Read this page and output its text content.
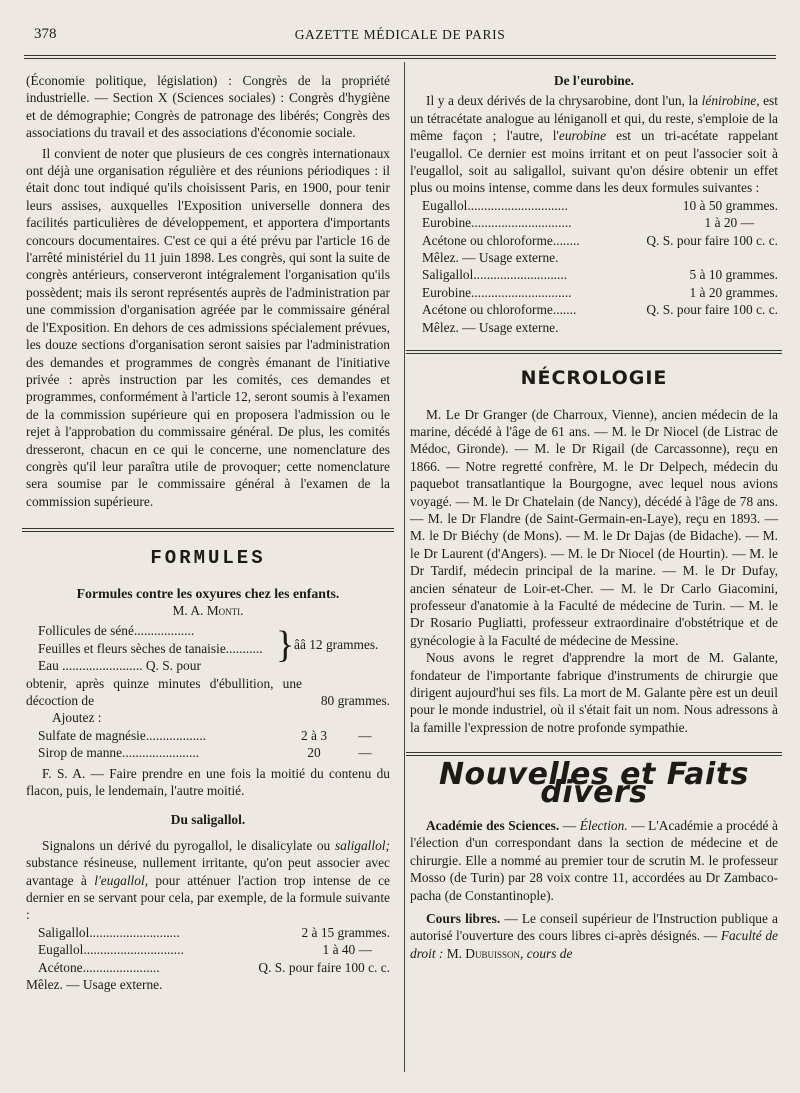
378	GAZETTE MÉDICALE DE PARIS

(Économie politique, législation) : Congrès de la propriété industrielle. — Section X (Sciences sociales) : Congrès d'hygiène et de démographie; Congrès de patronage des libérés; Congrès des associations du travail et des associations d'économie sociale.

Il convient de noter que plusieurs de ces congrès internationaux ont déjà une organisation régulière et des réunions périodiques : il était donc tout indiqué qu'ils choisissent Paris, en 1900, pour tenir leurs assises, auxquelles l'Exposition universelle donnera des facilités particulières de développement, et apportera d'importants concours documentaires. C'est ce qui a été prévu par l'article 16 de l'arrêté ministériel du 11 juin 1898. Les congrès, qui sont la suite de congrès antérieurs, conserveront intégralement l'organisation qu'ils possèdent; mais ils seront représentés auprès de l'administration par une commission d'organisation agréée par le commissaire général de l'Exposition. En dehors de ces admissions spécialement prévues, les douze sections d'organisation seront saisies par l'administration des demandes et programmes de congrès émanant de l'initiative privée : après instruction par les comités, ces demandes et programmes, conformément à l'article 12, seront soumis à l'examen de la commission supérieure qui en proposera l'admission ou le rejet à l'approbation du commissaire général. De plus, les comités dresseront, chacun en ce qui le concerne, une nomenclature des congrès qu'il leur paraîtra utile de provoquer; cette nomenclature sera soumise par le commissaire général à l'examen de la commission supérieure.

FORMULES
Formules contre les oxyures chez les enfants.
M. A. Monti.
Follicules de séné..................
Feuilles et fleurs sèches de tanaisie........... } ââ 12 grammes.
Eau ........................ Q. S. pour

obtenir, après quinze minutes d'ébullition, une décoction de	80 grammes.
Ajoutez :
Sulfate de magnésie..................	2 à 3	—
Sirop de manne.......................	20	—

F. S. A. — Faire prendre en une fois la moitié du contenu du flacon, puis, le lendemain, l'autre moitié.

Du saligallol.

Signalons un dérivé du pyrogallol, le disalicylate ou saligallol; substance résineuse, nullement irritante, qu'on peut associer avec avantage à l'eugallol, pour atténuer l'action trop intense de ce dernier en se servant pour cela, par exemple, de la formule suivante :

Saligallol...........................	2 à 15 grammes.
Eugallol..............................	1 à 40 —
Acétone.......................	Q. S. pour faire 100 c. c.
Mêlez. — Usage externe.
De l'eurobine.

Il y a deux dérivés de la chrysarobine, dont l'un, la lénirobine, est un tétracétate analogue au léniganoll et qui, du reste, s'emploie de la même façon ; l'autre, l'eurobine est un tri-acétate rappelant l'eugallol. Ce dernier est moins irritant et on peut l'associer soit à l'eugallol, soit au saligallol, suivant qu'on désire obtenir un effet plus ou moins intense, comme dans les deux formules suivantes :

Eugallol..............................	10 à 50 grammes.
Eurobine..............................	1 à 20 —
Acétone ou chloroforme........	Q. S. pour faire 100 c. c.
Mêlez. — Usage externe.
Saligallol............................	5 à 10 grammes.
Eurobine..............................	1 à 20 grammes.
Acétone ou chloroforme.......	Q. S. pour faire 100 c. c.
Mêlez. — Usage externe.
NÉCROLOGIE

M. Le Dr Granger (de Charroux, Vienne), ancien médecin de la marine, décédé à l'âge de 61 ans. — M. le Dr Niocel (de Listrac de Médoc, Gironde). — M. le Dr Rigail (de Carcassonne), reçu en 1866. — Notre regretté confrère, M. le Dr Delpech, médecin du paquebot transatlantique la Bourgogne, avec lequel nous avions voyagé. — M. le Dr Chatelain (de Nancy), décédé à l'âge de 78 ans. — M. le Dr Flandre (de Saint-Germain-en-Laye), reçu en 1893. — M. le Dr Biéchy (de Mons). — M. le Dr Dajas (de Bidache). — M. le Dr Laurent (d'Angers). — M. le Dr Niocel (de Hourtin). — M. le Dr Tardif, médecin principal de la marine. — M. le Dr Dufay, ancien sénateur de Loir-et-Cher. — M. le Dr Carlo Giacomini, professeur d'anatomie à la Faculté de médecine de Turin. — M. le Dr Rosario Pugliatti, professeur extraordinaire d'obstétrique et de gynécologie à la Faculté de médecine de Messine.

Nous avons le regret d'apprendre la mort de M. Galante, fondateur de l'importante fabrique d'instruments de chirurgie que dirigent aujourd'hui ses fils. La mort de M. Galante père est un deuil pour le monde industriel, où il s'était fait un nom. Nous adressons à la famille l'expression de notre profonde sympathie.

Nouvelles et Faits divers

Académie des Sciences. — Élection. — L'Académie a procédé à l'élection d'un correspondant dans la section de médecine et de chirurgie. Elle a nommé au premier tour de scrutin M. le professeur Mosso (de Turin) par 28 voix contre 11, accordées au Dr Zambaco-pacha (de Constantinople).

Cours libres. — Le conseil supérieur de l'Instruction publique a autorisé l'ouverture des cours libres ci-après désignés. — Faculté de droit : M. Dubuisson, cours de
